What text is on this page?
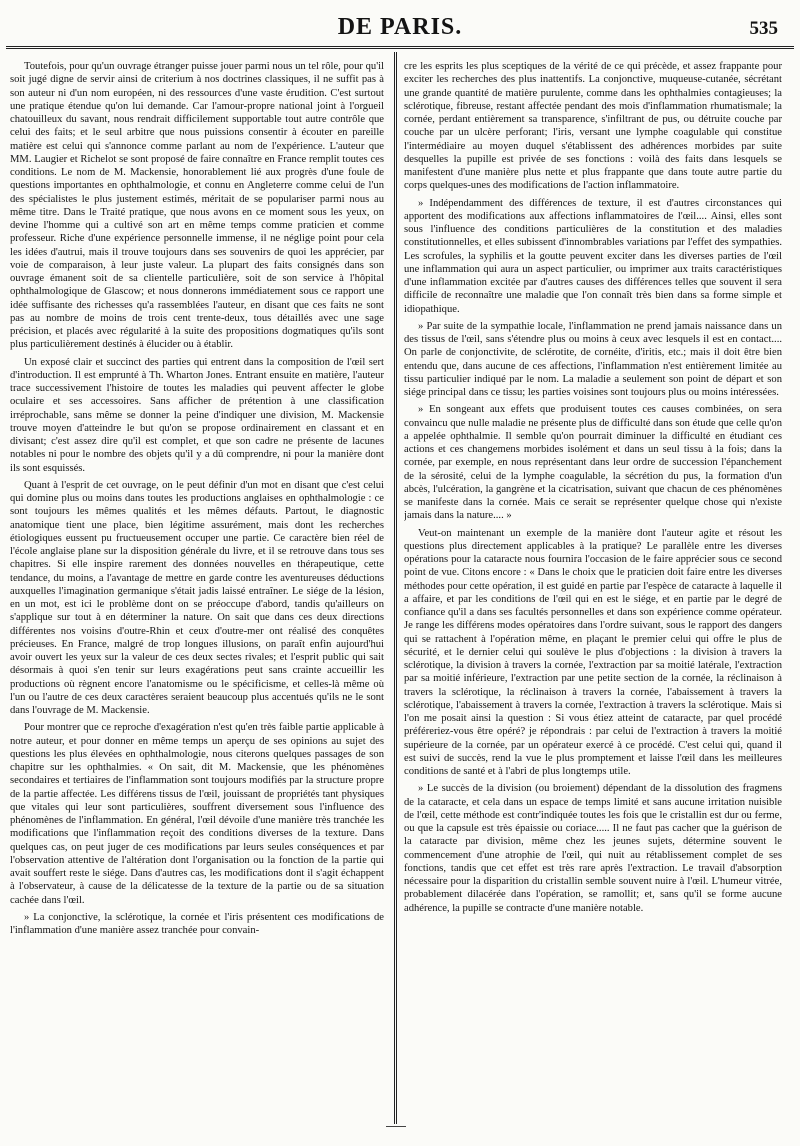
DE PARIS.	535

Toutefois, pour qu'un ouvrage étranger puisse jouer parmi nous un tel rôle, pour qu'il soit jugé digne de servir ainsi de criterium à nos doctrines classiques, il ne suffit pas à son auteur ni d'un nom européen, ni des ressources d'une vaste érudition. C'est surtout une pratique étendue qu'on lui demande. Car l'amour-propre national joint à l'orgueil chatouilleux du savant, nous rendrait difficilement supportable tout autre contrôle que celui des faits; et le seul arbitre que nous puissions consentir à écouter en pareille matière est celui qui s'annonce comme parlant au nom de l'expérience. L'auteur que MM. Laugier et Richelot se sont proposé de faire connaître en France remplit toutes ces conditions. Le nom de M. Mackensie, honorablement lié aux progrès d'une foule de questions importantes en ophthalmologie, et connu en Angleterre comme celui de l'un des spécialistes le plus justement estimés, méritait de se populariser parmi nous au même titre. Dans le Traité pratique, que nous avons en ce moment sous les yeux, on devine l'homme qui a cultivé son art en même temps comme praticien et comme professeur. Riche d'une expérience personnelle immense, il ne néglige point pour cela les idées d'autrui, mais il trouve toujours dans ses souvenirs de quoi les apprécier, par voie de comparaison, à leur juste valeur. La plupart des faits consignés dans son ouvrage émanent soit de sa clientelle particulière, soit de son service à l'hôpital ophthalmologique de Glascow; et nous donnerons immédiatement sous ce rapport une idée suffisante des richesses qu'a rassemblées l'auteur, en disant que ces faits ne sont pas au nombre de moins de trois cent trente-deux, tous détaillés avec une sage précision, et placés avec régularité à la suite des propositions dogmatiques qu'ils sont plus particulièrement destinés à élucider ou à établir.

Un exposé clair et succinct des parties qui entrent dans la composition de l'œil sert d'introduction. Il est emprunté à Th. Wharton Jones. Entrant ensuite en matière, l'auteur trace successivement l'histoire de toutes les maladies qui peuvent affecter le globe oculaire et ses accessoires. Sans afficher de prétention à une classification irréprochable, sans même se donner la peine d'indiquer une division, M. Mackensie trouve moyen d'atteindre le but qu'on se propose ordinairement en classant et en divisant; c'est assez dire qu'il est complet, et que son cadre ne présente de lacunes notables ni pour le nombre des objets qu'il y a dû comprendre, ni pour la manière dont ils sont esquissés.

Quant à l'esprit de cet ouvrage, on le peut définir d'un mot en disant que c'est celui qui domine plus ou moins dans toutes les productions anglaises en ophthalmologie : ce sont toujours les mêmes qualités et les mêmes défauts. Partout, le diagnostic anatomique tient une place, bien légitime assurément, mais dont les recherches étiologiques eussent pu fructueusement occuper une partie. Ce caractère bien réel de l'école anglaise plane sur la disposition générale du livre, et il se retrouve dans tous ses chapitres. Si elle inspire rarement des données nouvelles en thérapeutique, cette tendance, du moins, a l'avantage de mettre en garde contre les aventureuses déductions auxquelles l'imagination germanique s'était jadis laissé entraîner. Le siége de la lésion, en un mot, est ici le problème dont on se préoccupe d'abord, tandis qu'ailleurs on s'applique sur tout à en déterminer la nature. On sait que dans ces deux directions différentes nos voisins d'outre-Rhin et ceux d'outre-mer ont réalisé des conquêtes précieuses. En France, malgré de trop longues illusions, on paraît enfin aujourd'hui avoir ouvert les yeux sur la valeur de ces deux sectes rivales; et l'esprit public qui sait désormais à quoi s'en tenir sur leurs exagérations peut sans crainte accueillir les productions où règnent encore l'anatomisme ou le spécificisme, et celles-là même où l'un ou l'autre de ces deux caractères seraient beaucoup plus accentués qu'ils ne le sont dans l'ouvrage de M. Mackensie.

Pour montrer que ce reproche d'exagération n'est qu'en très faible partie applicable à notre auteur, et pour donner en même temps un aperçu de ses opinions au sujet des questions les plus élevées en ophthalmologie, nous citerons quelques passages de son chapitre sur les ophthalmies. « On sait, dit M. Mackensie, que les phénomènes secondaires et tertiaires de l'inflammation sont toujours modifiés par la structure propre de la partie affectée. Les différens tissus de l'œil, jouissant de propriétés tant physiques que vitales qui leur sont particulières, souffrent diversement sous l'influence des phénomènes de l'inflammation. En général, l'œil dévoile d'une manière très tranchée les modifications que l'inflammation reçoit des conditions diverses de la texture. Dans quelques cas, on peut juger de ces modifications par leurs seules conséquences et par l'observation attentive de l'altération dont l'organisation ou la fonction de la partie qui avait souffert reste le siége. Dans d'autres cas, les modifications dont il s'agit échappent à l'observateur, à cause de la délicatesse de la texture de la partie ou de sa situation cachée dans l'œil.

» La conjonctive, la sclérotique, la cornée et l'iris présentent ces modifications de l'inflammation d'une manière assez tranchée pour convain-

cre les esprits les plus sceptiques de la vérité de ce qui précède, et assez frappante pour exciter les recherches des plus inattentifs. La conjonctive, muqueuse-cutanée, sécrétant une grande quantité de matière purulente, comme dans les ophthalmies contagieuses; la sclérotique, fibreuse, restant affectée pendant des mois d'inflammation rhumatismale; la cornée, perdant entièrement sa transparence, s'infiltrant de pus, ou détruite couche par couche par un ulcère perforant; l'iris, versant une lymphe coagulable qui constitue l'intermédiaire au moyen duquel s'établissent des adhérences morbides par suite desquelles la pupille est privée de ses fonctions : voilà des faits dans lesquels se manifestent d'une manière plus nette et plus frappante que dans toute autre partie du corps quelques-unes des modifications de l'action inflammatoire.

» Indépendamment des différences de texture, il est d'autres circonstances qui apportent des modifications aux affections inflammatoires de l'œil.... Ainsi, elles sont sous l'influence des conditions particulières de la constitution et des maladies constitutionnelles, et elles subissent d'innombrables variations par l'effet des sympathies. Les scrofules, la syphilis et la goutte peuvent exciter dans les diverses parties de l'œil une inflammation qui aura un aspect particulier, ou imprimer aux traits caractéristiques d'une inflammation excitée par d'autres causes des différences telles que souvent il sera difficile de reconnaître une maladie que l'on connaît très bien dans sa forme simple et idiopathique.

» Par suite de la sympathie locale, l'inflammation ne prend jamais naissance dans un des tissus de l'œil, sans s'étendre plus ou moins à ceux avec lesquels il est en contact.... On parle de conjonctivite, de sclérotite, de cornéite, d'iritis, etc.; mais il doit être bien entendu que, dans aucune de ces affections, l'inflammation n'est entièrement limitée au tissu particulier indiqué par le nom. La maladie a seulement son point de départ et son siége principal dans ce tissu; les parties voisines sont toujours plus ou moins intéressées.

» En songeant aux effets que produisent toutes ces causes combinées, on sera convaincu que nulle maladie ne présente plus de difficulté dans son étude que celle qu'on a appelée ophthalmie. Il semble qu'on pourrait diminuer la difficulté en étudiant ces actions et ces changemens morbides isolément et dans un seul tissu à la fois; dans la cornée, par exemple, en nous représentant dans leur ordre de succession l'épanchement de la sérosité, celui de la lymphe coagulable, la sécrétion du pus, la formation d'un abcès, l'ulcération, la gangrène et la cicatrisation, suivant que chacun de ces phénomènes se manifeste dans la cornée. Mais ce serait se représenter quelque chose qui n'existe jamais dans la nature.... »

Veut-on maintenant un exemple de la manière dont l'auteur agite et résout les questions plus directement applicables à la pratique? Le parallèle entre les diverses opérations pour la cataracte nous fournira l'occasion de le faire apprécier sous ce second point de vue. Citons encore : « Dans le choix que le praticien doit faire entre les diverses méthodes pour cette opération, il est guidé en partie par l'espèce de cataracte à laquelle il a affaire, et par les conditions de l'œil qui en est le siége, et en partie par le degré de confiance qu'il a dans ses facultés personnelles et dans son expérience comme opérateur. Je range les différens modes opératoires dans l'ordre suivant, sous le rapport des dangers qui se rattachent à l'opération même, en plaçant le premier celui qui offre le plus de sécurité, et le dernier celui qui soulève le plus d'objections : la division à travers la sclérotique, la division à travers la cornée, l'extraction par sa moitié latérale, l'extraction par sa moitié inférieure, l'extraction par une petite section de la cornée, la réclinaison à travers la sclérotique, la réclinaison à travers la cornée, l'abaissement à travers la sclérotique, l'abaissement à travers la cornée, l'extraction à travers la sclérotique. Mais si l'on me posait ainsi la question : Si vous étiez atteint de cataracte, par quel procédé préféreriez-vous être opéré? je répondrais : par celui de l'extraction à travers la moitié supérieure de la cornée, par un opérateur exercé à ce procédé. C'est celui qui, quand il est suivi de succès, rend la vue le plus promptement et laisse l'œil dans les meilleures conditions de santé et à l'abri de plus longtemps utile.

» Le succès de la division (ou broiement) dépendant de la dissolution des fragmens de la cataracte, et cela dans un espace de temps limité et sans aucune irritation nuisible de l'œil, cette méthode est contr'indiquée toutes les fois que le cristallin est dur ou ferme, ou que la capsule est très épaissie ou coriace..... Il ne faut pas cacher que la guérison de la cataracte par division, même chez les jeunes sujets, détermine souvent le commencement d'une atrophie de l'œil, qui nuit au rétablissement complet de ses fonctions, tandis que cet effet est très rare après l'extraction. Le travail d'absorption nécessaire pour la disparition du cristallin semble souvent nuire à l'œil. L'humeur vitrée, probablement dilacérée dans l'opération, se ramollit; et, sans qu'il se forme aucune adhérence, la pupille se contracte d'une manière notable.
